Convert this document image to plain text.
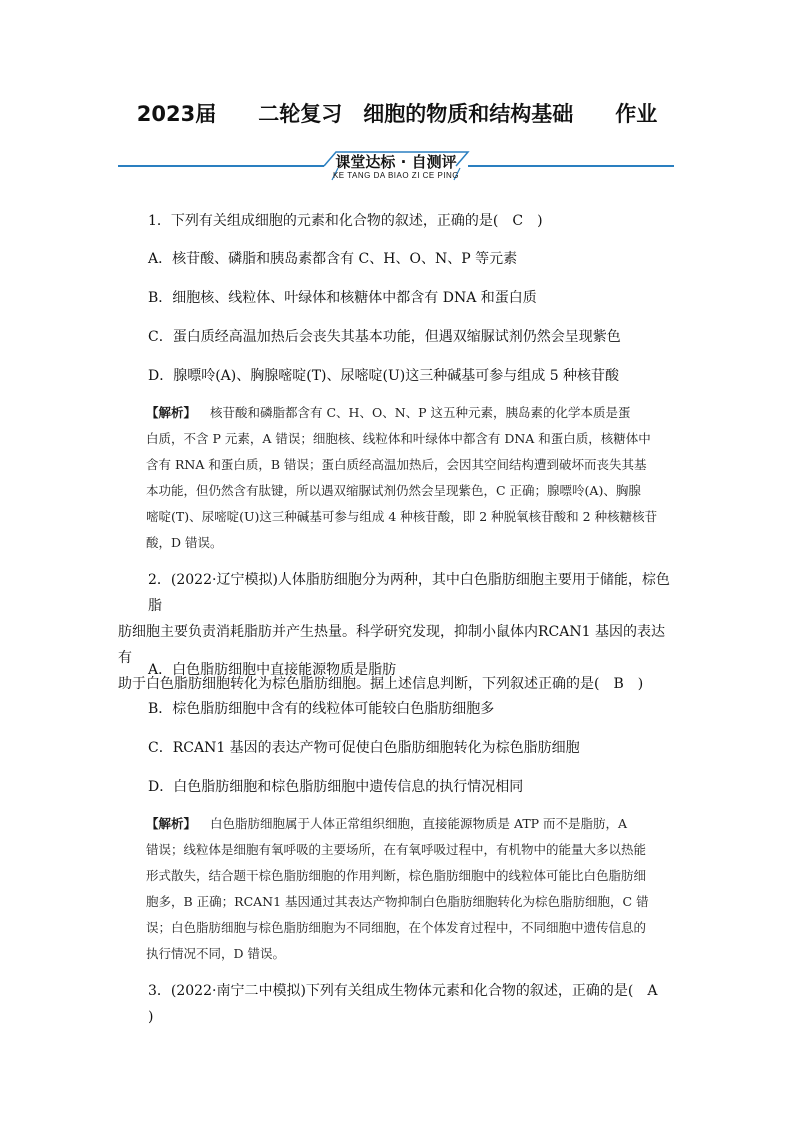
2023届　　二轮复习　细胞的物质和结构基础　　作业
课堂达标 · 自测评
KE TANG DA BIAO ZI CE PING
1．下列有关组成细胞的元素和化合物的叙述，正确的是( C )
A．核苷酸、磷脂和胰岛素都含有 C、H、O、N、P 等元素
B．细胞核、线粒体、叶绿体和核糖体中都含有 DNA 和蛋白质
C．蛋白质经高温加热后会丧失其基本功能，但遇双缩脲试剂仍然会呈现紫色
D．腺嘌呤(A)、胸腺嘧啶(T)、尿嘧啶(U)这三种碱基可参与组成 5 种核苷酸
【解析】 核苷酸和磷脂都含有 C、H、O、N、P 这五种元素，胰岛素的化学本质是蛋
白质，不含 P 元素，A 错误；细胞核、线粒体和叶绿体中都含有 DNA 和蛋白质，核糖体中
含有 RNA 和蛋白质，B 错误；蛋白质经高温加热后，会因其空间结构遭到破坏而丧失其基
本功能，但仍然含有肽键，所以遇双缩脲试剂仍然会呈现紫色，C 正确；腺嘌呤(A)、胸腺
嘧啶(T)、尿嘧啶(U)这三种碱基可参与组成 4 种核苷酸，即 2 种脱氧核苷酸和 2 种核糖核苷
酸，D 错误。
2．(2022·辽宁模拟)人体脂肪细胞分为两种，其中白色脂肪细胞主要用于储能，棕色脂
肪细胞主要负责消耗脂肪并产生热量。科学研究发现，抑制小鼠体内RCAN1 基因的表达有
助于白色脂肪细胞转化为棕色脂肪细胞。据上述信息判断，下列叙述正确的是( B )
A．白色脂肪细胞中直接能源物质是脂肪
B．棕色脂肪细胞中含有的线粒体可能较白色脂肪细胞多
C．RCAN1 基因的表达产物可促使白色脂肪细胞转化为棕色脂肪细胞
D．白色脂肪细胞和棕色脂肪细胞中遗传信息的执行情况相同
【解析】 白色脂肪细胞属于人体正常组织细胞，直接能源物质是 ATP 而不是脂肪，A
错误；线粒体是细胞有氧呼吸的主要场所，在有氧呼吸过程中，有机物中的能量大多以热能
形式散失，结合题干棕色脂肪细胞的作用判断，棕色脂肪细胞中的线粒体可能比白色脂肪细
胞多，B 正确；RCAN1 基因通过其表达产物抑制白色脂肪细胞转化为棕色脂肪细胞，C 错
误；白色脂肪细胞与棕色脂肪细胞为不同细胞，在个体发育过程中，不同细胞中遗传信息的
执行情况不同，D 错误。
3．(2022·南宁二中模拟)下列有关组成生物体元素和化合物的叙述，正确的是( A)
